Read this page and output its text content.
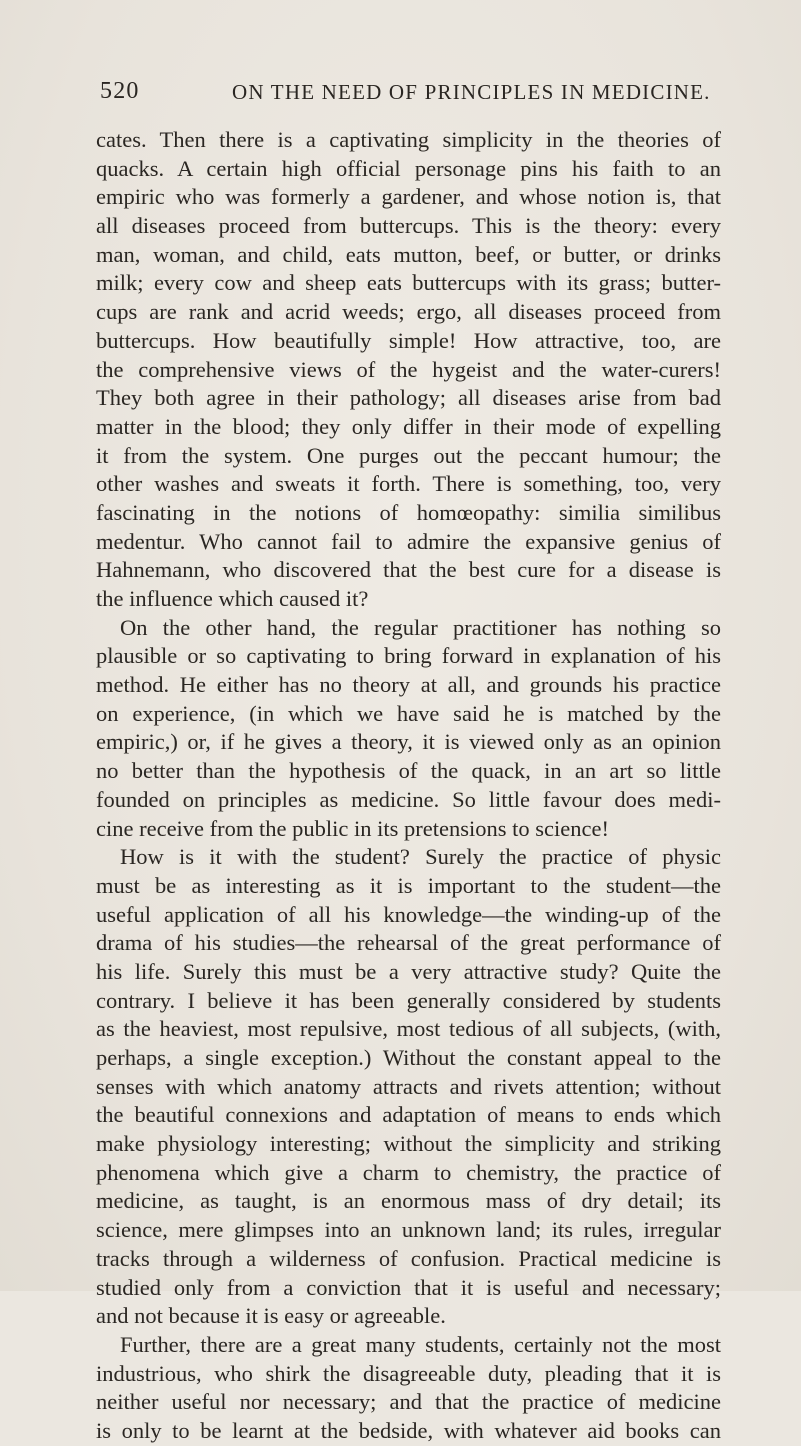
520	ON THE NEED OF PRINCIPLES IN MEDICINE.
cates. Then there is a captivating simplicity in the theories of
quacks. A certain high official personage pins his faith to an
empiric who was formerly a gardener, and whose notion is, that
all diseases proceed from buttercups. This is the theory: every
man, woman, and child, eats mutton, beef, or butter, or drinks
milk; every cow and sheep eats buttercups with its grass; butter-
cups are rank and acrid weeds; ergo, all diseases proceed from
buttercups. How beautifully simple! How attractive, too, are
the comprehensive views of the hygeist and the water-curers!
They both agree in their pathology; all diseases arise from bad
matter in the blood; they only differ in their mode of expelling
it from the system. One purges out the peccant humour; the
other washes and sweats it forth. There is something, too, very
fascinating in the notions of homœopathy: similia similibus
medentur. Who cannot fail to admire the expansive genius of
Hahnemann, who discovered that the best cure for a disease is
the influence which caused it?
On the other hand, the regular practitioner has nothing so
plausible or so captivating to bring forward in explanation of his
method. He either has no theory at all, and grounds his practice
on experience, (in which we have said he is matched by the
empiric,) or, if he gives a theory, it is viewed only as an opinion
no better than the hypothesis of the quack, in an art so little
founded on principles as medicine. So little favour does medi-
cine receive from the public in its pretensions to science!
How is it with the student? Surely the practice of physic
must be as interesting as it is important to the student—the
useful application of all his knowledge—the winding-up of the
drama of his studies—the rehearsal of the great performance of
his life. Surely this must be a very attractive study? Quite the
contrary. I believe it has been generally considered by students
as the heaviest, most repulsive, most tedious of all subjects, (with,
perhaps, a single exception.) Without the constant appeal to the
senses with which anatomy attracts and rivets attention; without
the beautiful connexions and adaptation of means to ends which
make physiology interesting; without the simplicity and striking
phenomena which give a charm to chemistry, the practice of
medicine, as taught, is an enormous mass of dry detail; its
science, mere glimpses into an unknown land; its rules, irregular
tracks through a wilderness of confusion. Practical medicine is
studied only from a conviction that it is useful and necessary;
and not because it is easy or agreeable.
Further, there are a great many students, certainly not the most
industrious, who shirk the disagreeable duty, pleading that it is
neither useful nor necessary; and that the practice of medicine
is only to be learnt at the bedside, with whatever aid books can
